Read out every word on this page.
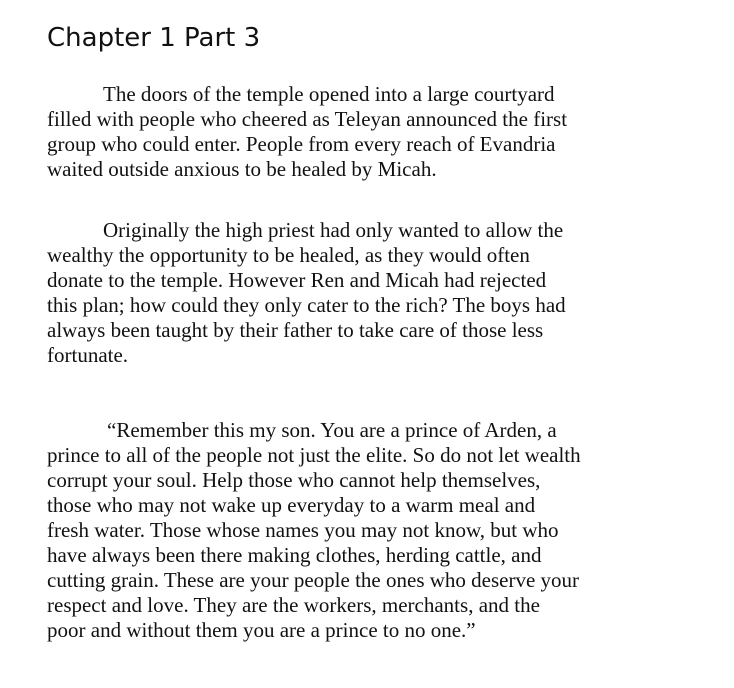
Chapter 1 Part 3

The doors of the temple opened into a large courtyard

filled with people who cheered as Teleyan announced the first

group who could enter. People from every reach of Evandria

waited outside anxious to be healed by Micah.

Originally the high priest had only wanted to allow the

wealthy the opportunity to be healed, as they would often

donate to the temple. However Ren and Micah had rejected

this plan; how could they only cater to the rich? The boys had

always been taught by their father to take care of those less

fortunate.

“Remember this my son. You are a prince of Arden, a

prince to all of the people not just the elite. So do not let wealth

corrupt your soul. Help those who cannot help themselves,

those who may not wake up everyday to a warm meal and

fresh water. Those whose names you may not know, but who

have always been there making clothes, herding cattle, and

cutting grain. These are your people the ones who deserve your

respect and love. They are the workers, merchants, and the

poor and without them you are a prince to no one.”
